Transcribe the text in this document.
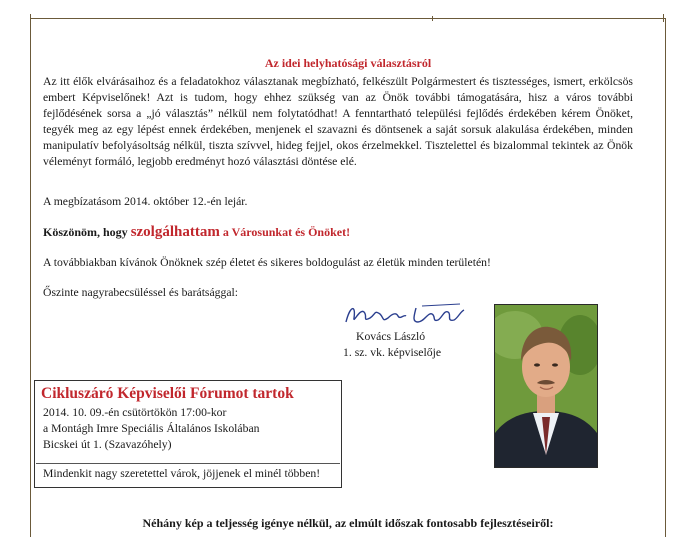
Az idei helyhatósági választásról

Az itt élők elvárásaihoz és a feladatokhoz választanak megbízható, felkészült Polgármestert és tisztességes, ismert, erkölcsös embert Képviselőnek! Azt is tudom, hogy ehhez szükség van az Önök további támogatására, hisz a város további fejlődésének sorsa a „jó választás” nélkül nem folytatódhat! A fenntartható települési fejlődés érdekében kérem Önöket, tegyék meg az egy lépést ennek érdekében, menjenek el szavazni és döntsenek a saját sorsuk alakulása érdekében, minden manipulatív befolyásoltság nélkül, tiszta szívvel, hideg fejjel, okos érzelmekkel. Tisztelettel és bizalommal tekintek az Önök véleményt formáló, legjobb eredményt hozó választási döntése elé.

A megbízatásom 2014. október 12.-én lejár.

Köszönöm, hogy szolgálhattam a Városunkat és Önöket!

A továbbiakban kívánok Önöknek szép életet és sikeres boldogulást az életük minden területén!

Őszinte nagyrabecsüléssel és barátsággal:

Kovács László
1. sz. vk. képviselője
Cikluszáró Képviselői Fórumot tartok
2014. 10. 09.-én csütörtökön 17:00-kor
a Montágh Imre Speciális Általános Iskolában
Bicskei út 1. (Szavazóhely)
Mindenkit nagy szeretettel várok, jöjjenek el minél többen!
Néhány kép a teljesség igénye nélkül, az elmúlt időszak fontosabb fejlesztéseiről:
